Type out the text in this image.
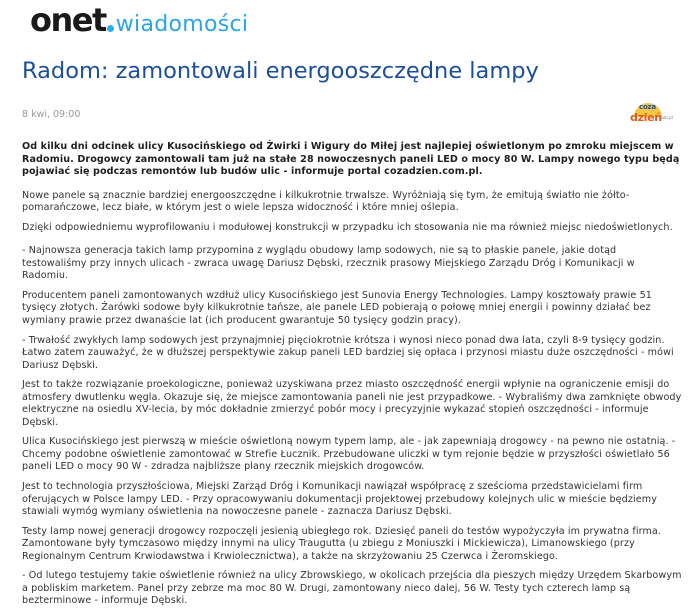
onet wiadomości
Radom: zamontowali energooszczędne lampy
8 kwi, 09:00
coza
dzień
.com.pl

Od kilku dni odcinek ulicy Kusocińskiego od Żwirki i Wigury do Miłej jest najlepiej oświetlonym po zmroku miejscem w Radomiu. Drogowcy zamontowali tam już na stałe 28 nowoczesnych paneli LED o mocy 80 W. Lampy nowego typu będą pojawiać się podczas remontów lub budów ulic - informuje portal cozadzien.com.pl.

Nowe panele są znacznie bardziej energooszczędne i kilkukrotnie trwalsze. Wyróżniają się tym, że emitują światło nie żółto-pomarańczowe, lecz białe, w którym jest o wiele lepsza widoczność i które mniej oślepia.

Dzięki odpowiedniemu wyprofilowaniu i modułowej konstrukcji w przypadku ich stosowania nie ma również miejsc niedoświetlonych.

- Najnowsza generacja takich lamp przypomina z wyglądu obudowy lamp sodowych, nie są to płaskie panele, jakie dotąd testowaliśmy przy innych ulicach - zwraca uwagę Dariusz Dębski, rzecznik prasowy Miejskiego Zarządu Dróg i Komunikacji w Radomiu.

Producentem paneli zamontowanych wzdłuż ulicy Kusocińskiego jest Sunovia Energy Technologies. Lampy kosztowały prawie 51 tysięcy złotych. Żarówki sodowe były kilkukrotnie tańsze, ale panele LED pobierają o połowę mniej energii i powinny działać bez wymiany prawie przez dwanaście lat (ich producent gwarantuje 50 tysięcy godzin pracy).

- Trwałość zwykłych lamp sodowych jest przynajmniej pięciokrotnie krótsza i wynosi nieco ponad dwa lata, czyli 8-9 tysięcy godzin. Łatwo zatem zauważyć, że w dłuższej perspektywie zakup paneli LED bardziej się opłaca i przynosi miastu duże oszczędności - mówi Dariusz Dębski.

Jest to także rozwiązanie proekologiczne, ponieważ uzyskiwana przez miasto oszczędność energii wpłynie na ograniczenie emisji do atmosfery dwutlenku węgla. Okazuje się, że miejsce zamontowania paneli nie jest przypadkowe. - Wybraliśmy dwa zamknięte obwody elektryczne na osiedlu XV-lecia, by móc dokładnie zmierzyć pobór mocy i precyzyjnie wykazać stopień oszczędności - informuje Dębski.

Ulica Kusocińskiego jest pierwszą w mieście oświetloną nowym typem lamp, ale - jak zapewniają drogowcy - na pewno nie ostatnią. - Chcemy podobne oświetlenie zamontować w Strefie Łucznik. Przebudowane uliczki w tym rejonie będzie w przyszłości oświetlało 56 paneli LED o mocy 90 W - zdradza najbliższe plany rzecznik miejskich drogowców.

Jest to technologia przyszłościowa, Miejski Zarząd Dróg i Komunikacji nawiązał współpracę z sześcioma przedstawicielami firm oferujących w Polsce lampy LED. - Przy opracowywaniu dokumentacji projektowej przebudowy kolejnych ulic w mieście będziemy stawiali wymóg wymiany oświetlenia na nowoczesne panele - zaznacza Dariusz Dębski.

Testy lamp nowej generacji drogowcy rozpoczęli jesienią ubiegłego rok. Dziesięć paneli do testów wypożyczyła im prywatna firma. Zamontowane były tymczasowo między innymi na ulicy Traugutta (u zbiegu z Moniuszki i Mickiewicza), Limanowskiego (przy Regionalnym Centrum Krwiodawstwa i Krwiolecznictwa), a także na skrzyżowaniu 25 Czerwca i Żeromskiego.

- Od lutego testujemy takie oświetlenie również na ulicy Zbrowskiego, w okolicach przejścia dla pieszych między Urzędem Skarbowym a pobliskim marketem. Panel przy zebrze ma moc 80 W. Drugi, zamontowany nieco dalej, 56 W. Testy tych czterech lamp są bezterminowe - informuje Dębski.
